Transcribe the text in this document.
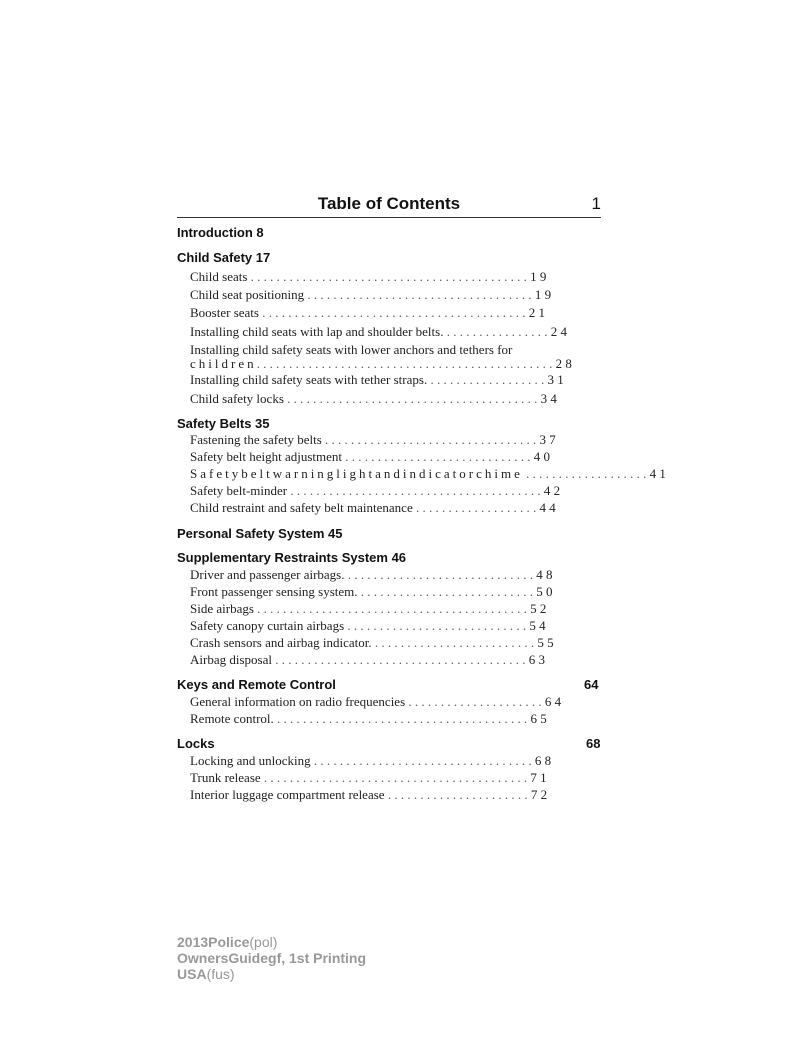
Table of Contents	1
Introduction 8
Child Safety 17
Child seats . . . . . . . . . . . . . . . . . . . . . . . . . . . . . . . . . . . . . . . . . . . 1 9
Child seat positioning . . . . . . . . . . . . . . . . . . . . . . . . . . . . . . . . . . . 1 9
Booster seats . . . . . . . . . . . . . . . . . . . . . . . . . . . . . . . . . . . . . . . . . 2 1
Installing child seats with lap and shoulder belts. . . . . . . . . . . . . . . . . 2 4
Installing child safety seats with lower anchors and tethers for
children. . . . . . . . . . . . . . . . . . . . . . . . . . . . . . . . . . . . . . . . . . . . . . 2 8
Installing child safety seats with tether straps. . . . . . . . . . . . . . . . . . . 3 1
Child safety locks . . . . . . . . . . . . . . . . . . . . . . . . . . . . . . . . . . . . . . . 3 4
Safety Belts 35
Fastening the safety belts . . . . . . . . . . . . . . . . . . . . . . . . . . . . . . . . . 3 7
Safety belt height adjustment . . . . . . . . . . . . . . . . . . . . . . . . . . . . . 4 0
Safetybeltwarninglightandindicatorchime . . . . . . . . . . . . . . . . . . . 4 1
Safety belt-minder . . . . . . . . . . . . . . . . . . . . . . . . . . . . . . . . . . . . . . . 4 2
Child restraint and safety belt maintenance . . . . . . . . . . . . . . . . . . . 4 4
Personal Safety System 45
Supplementary Restraints System 46
Driver and passenger airbags. . . . . . . . . . . . . . . . . . . . . . . . . . . . . . 4 8
Front passenger sensing system. . . . . . . . . . . . . . . . . . . . . . . . . . . . 5 0
Side airbags . . . . . . . . . . . . . . . . . . . . . . . . . . . . . . . . . . . . . . . . . . 5 2
Safety canopy curtain airbags . . . . . . . . . . . . . . . . . . . . . . . . . . . . 5 4
Crash sensors and airbag indicator. . . . . . . . . . . . . . . . . . . . . . . . . . 5 5
Airbag disposal . . . . . . . . . . . . . . . . . . . . . . . . . . . . . . . . . . . . . . . 6 3
Keys and Remote Control	64
General information on radio frequencies . . . . . . . . . . . . . . . . . . . . . 6 4
Remote control. . . . . . . . . . . . . . . . . . . . . . . . . . . . . . . . . . . . . . . . 6 5
Locks	68
Locking and unlocking . . . . . . . . . . . . . . . . . . . . . . . . . . . . . . . . . . 6 8
Trunk release . . . . . . . . . . . . . . . . . . . . . . . . . . . . . . . . . . . . . . . . . 7 1
Interior luggage compartment release . . . . . . . . . . . . . . . . . . . . . . 7 2
2013Police(pol)
OwnersGuidegf, 1st Printing
USA(fus)
